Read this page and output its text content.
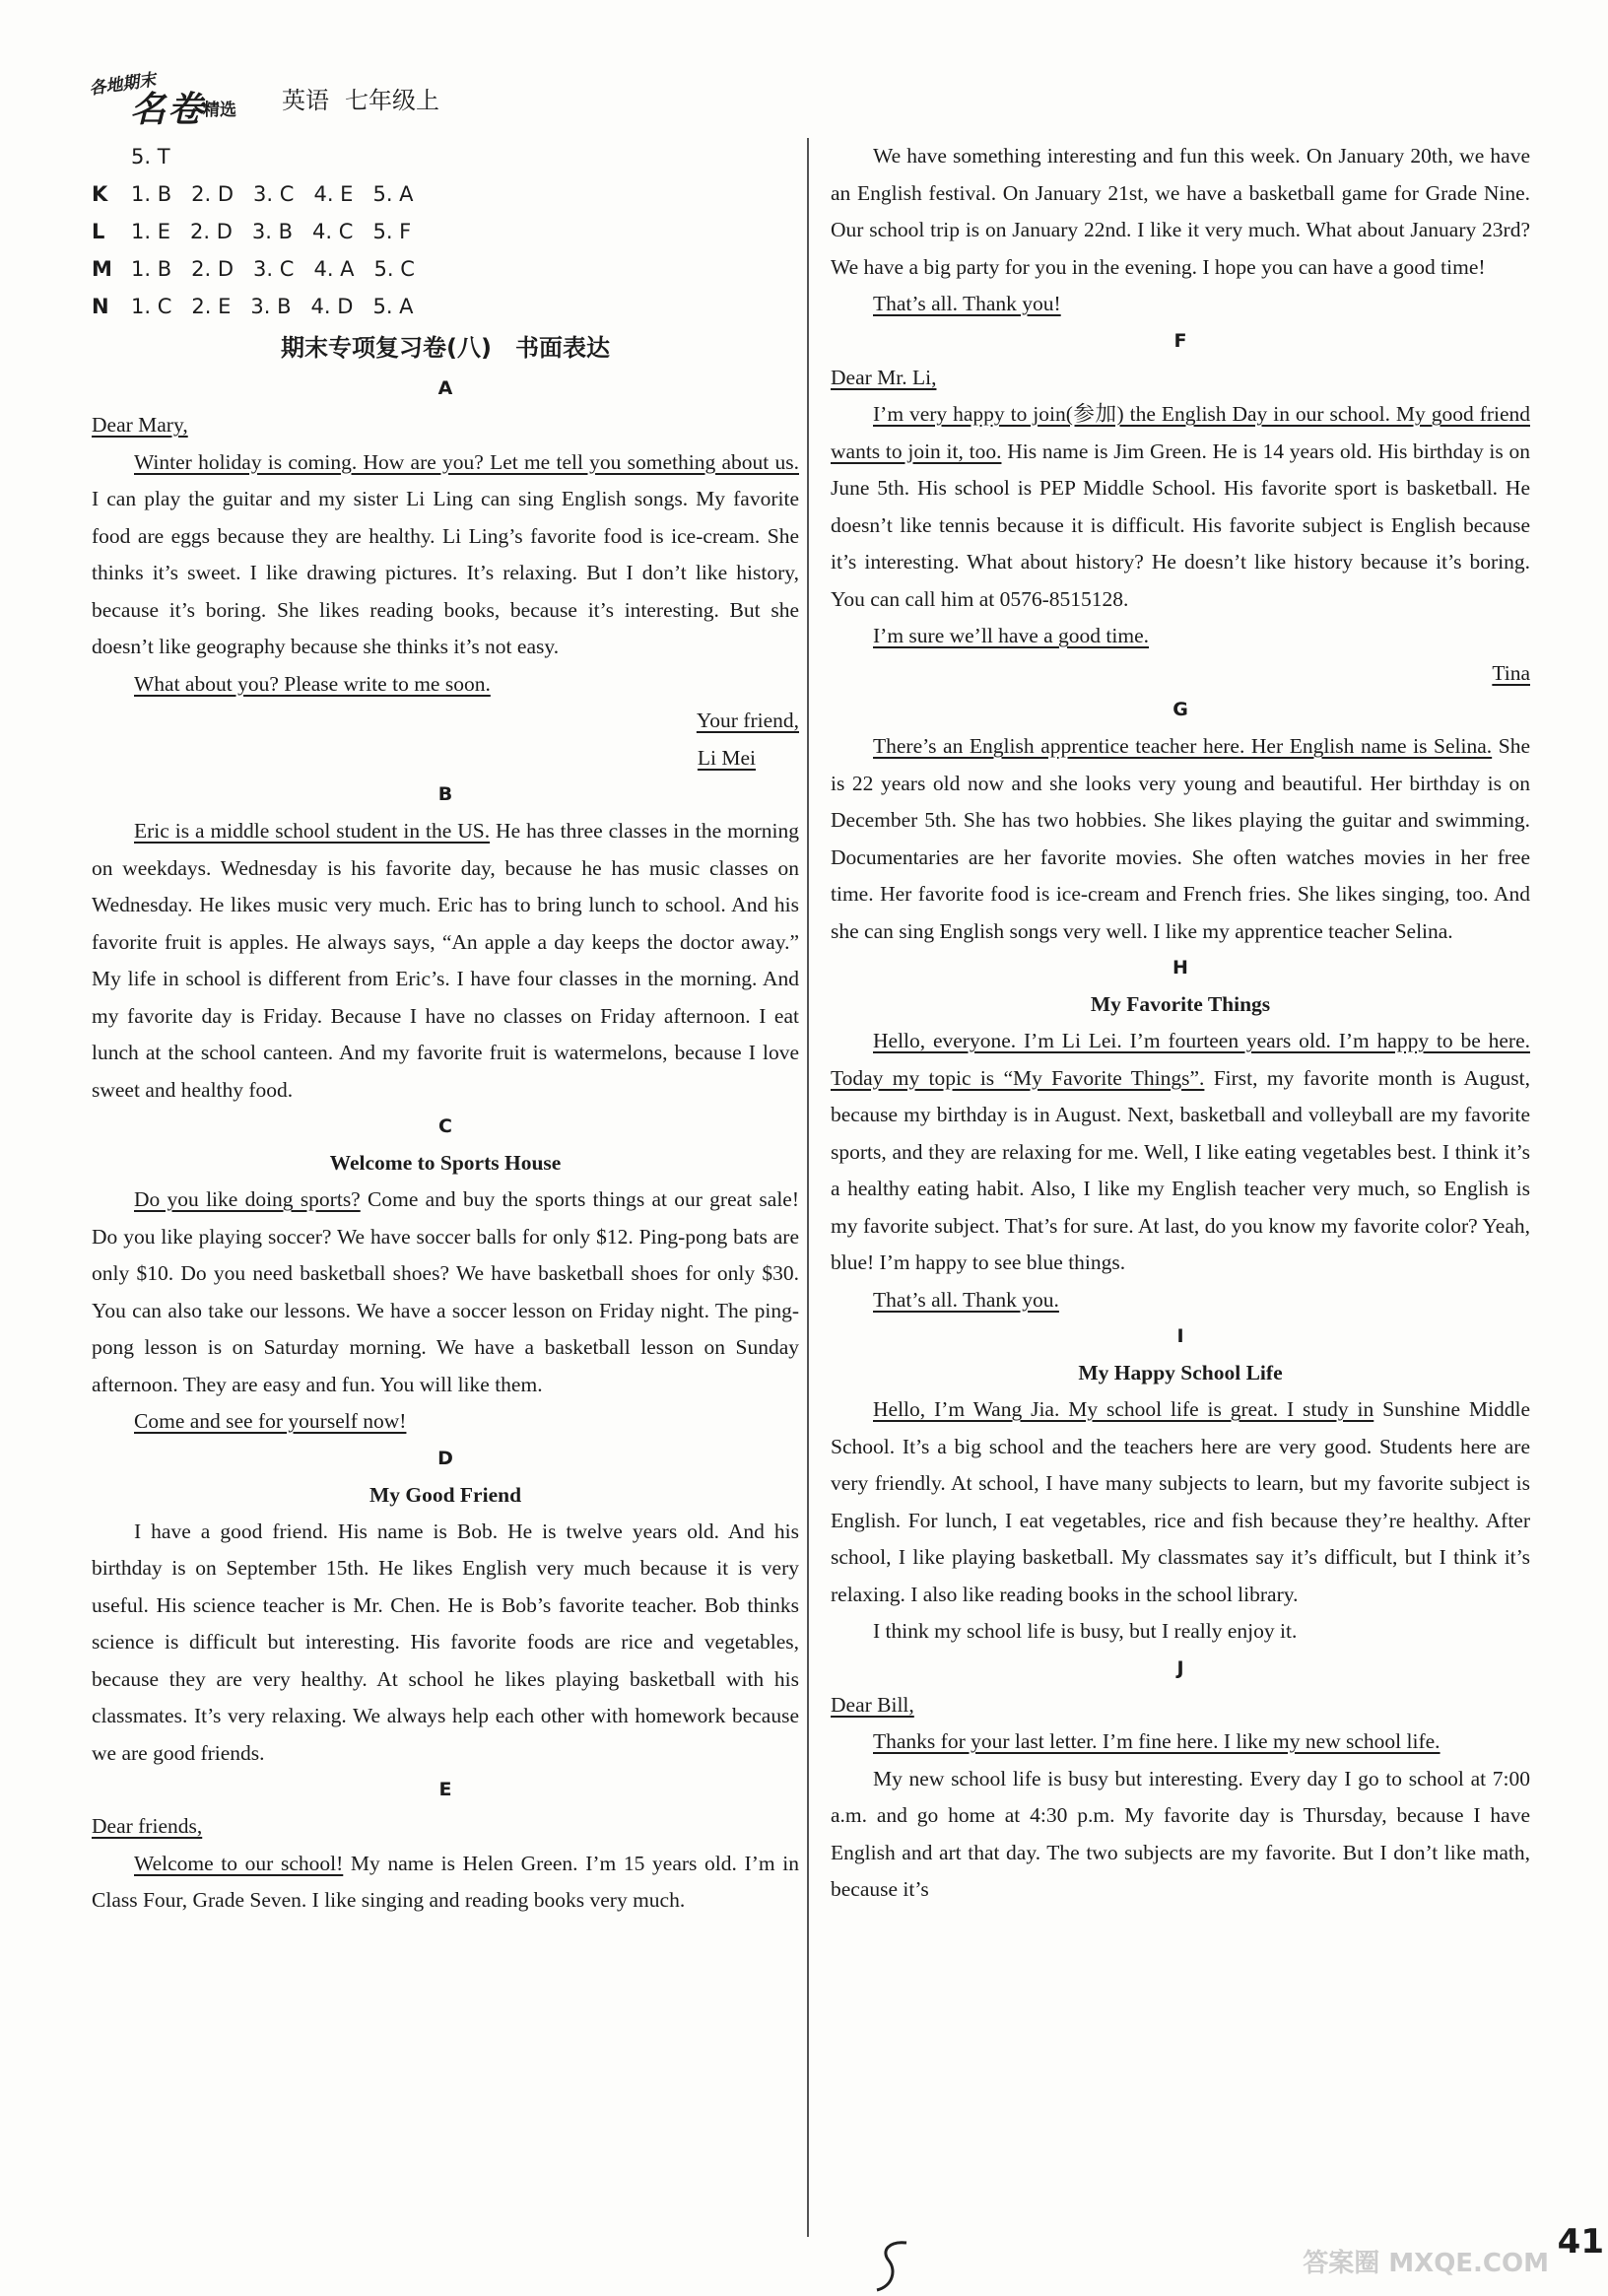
各地期末
名卷
精选 英语 七年级上
5. T
K 1. B   2. D   3. C   4. E   5. A
L 1. E   2. D   3. B   4. C   5. F
M 1. B   2. D   3. C   4. A   5. C
N 1. C   2. E   3. B   4. D   5. A
期末专项复习卷(八)　书面表达
A

Dear Mary,

Winter holiday is coming. How are you? Let me tell you something about us. I can play the guitar and my sister Li Ling can sing English songs. My favorite food are eggs because they are healthy. Li Ling’s favorite food is ice-cream. She thinks it’s sweet. I like drawing pictures. It’s relaxing. But I don’t like history, because it’s boring. She likes reading books, because it’s interesting. But she doesn’t like geography because she thinks it’s not easy.

What about you? Please write to me soon.

Your friend,

Li Mei

B

Eric is a middle school student in the US. He has three classes in the morning on weekdays. Wednesday is his favorite day, because he has music classes on Wednesday. He likes music very much. Eric has to bring lunch to school. And his favorite fruit is apples. He always says, “An apple a day keeps the doctor away.” My life in school is different from Eric’s. I have four classes in the morning. And my favorite day is Friday. Because I have no classes on Friday afternoon. I eat lunch at the school canteen. And my favorite fruit is watermelons, because I love sweet and healthy food.

C
Welcome to Sports House

Do you like doing sports? Come and buy the sports things at our great sale! Do you like playing soccer? We have soccer balls for only $12. Ping-pong bats are only $10. Do you need basketball shoes? We have basketball shoes for only $30. You can also take our lessons. We have a soccer lesson on Friday night. The ping-pong lesson is on Saturday morning. We have a basketball lesson on Sunday afternoon. They are easy and fun. You will like them.

Come and see for yourself now!

D
My Good Friend

I have a good friend. His name is Bob. He is twelve years old. And his birthday is on September 15th. He likes English very much because it is very useful. His science teacher is Mr. Chen. He is Bob’s favorite teacher. Bob thinks science is difficult but interesting. His favorite foods are rice and vegetables, because they are very healthy. At school he likes playing basketball with his classmates. It’s very relaxing. We always help each other with homework because we are good friends.

E

Dear friends,

Welcome to our school! My name is Helen Green. I’m 15 years old. I’m in Class Four, Grade Seven. I like singing and reading books very much.

We have something interesting and fun this week. On January 20th, we have an English festival. On January 21st, we have a basketball game for Grade Nine. Our school trip is on January 22nd. I like it very much. What about January 23rd? We have a big party for you in the evening. I hope you can have a good time!

That’s all. Thank you!

F

Dear Mr. Li,

I’m very happy to join(参加) the English Day in our school. My good friend wants to join it, too. His name is Jim Green. He is 14 years old. His birthday is on June 5th. His school is PEP Middle School. His favorite sport is basketball. He doesn’t like tennis because it is difficult. His favorite subject is English because it’s interesting. What about history? He doesn’t like history because it’s boring. You can call him at 0576-8515128.

I’m sure we’ll have a good time.

Tina

G

There’s an English apprentice teacher here. Her English name is Selina. She is 22 years old now and she looks very young and beautiful. Her birthday is on December 5th. She has two hobbies. She likes playing the guitar and swimming. Documentaries are her favorite movies. She often watches movies in her free time. Her favorite food is ice-cream and French fries. She likes singing, too. And she can sing English songs very well. I like my apprentice teacher Selina.

H
My Favorite Things

Hello, everyone. I’m Li Lei. I’m fourteen years old. I’m happy to be here. Today my topic is “My Favorite Things”. First, my favorite month is August, because my birthday is in August. Next, basketball and volleyball are my favorite sports, and they are relaxing for me. Well, I like eating vegetables best. I think it’s a healthy eating habit. Also, I like my English teacher very much, so English is my favorite subject. That’s for sure. At last, do you know my favorite color? Yeah, blue! I’m happy to see blue things.

That’s all. Thank you.

I
My Happy School Life

Hello, I’m Wang Jia. My school life is great. I study in Sunshine Middle School. It’s a big school and the teachers here are very good. Students here are very friendly. At school, I have many subjects to learn, but my favorite subject is English. For lunch, I eat vegetables, rice and fish because they’re healthy. After school, I like playing basketball. My classmates say it’s difficult, but I think it’s relaxing. I also like reading books in the school library.

I think my school life is busy, but I really enjoy it.

J

Dear Bill,

Thanks for your last letter. I’m fine here. I like my new school life.

My new school life is busy but interesting. Every day I go to school at 7:00 a.m. and go home at 4:30 p.m. My favorite day is Thursday, because I have English and art that day. The two subjects are my favorite. But I don’t like math, because it’s

答案圈 MXQE.COM
41
